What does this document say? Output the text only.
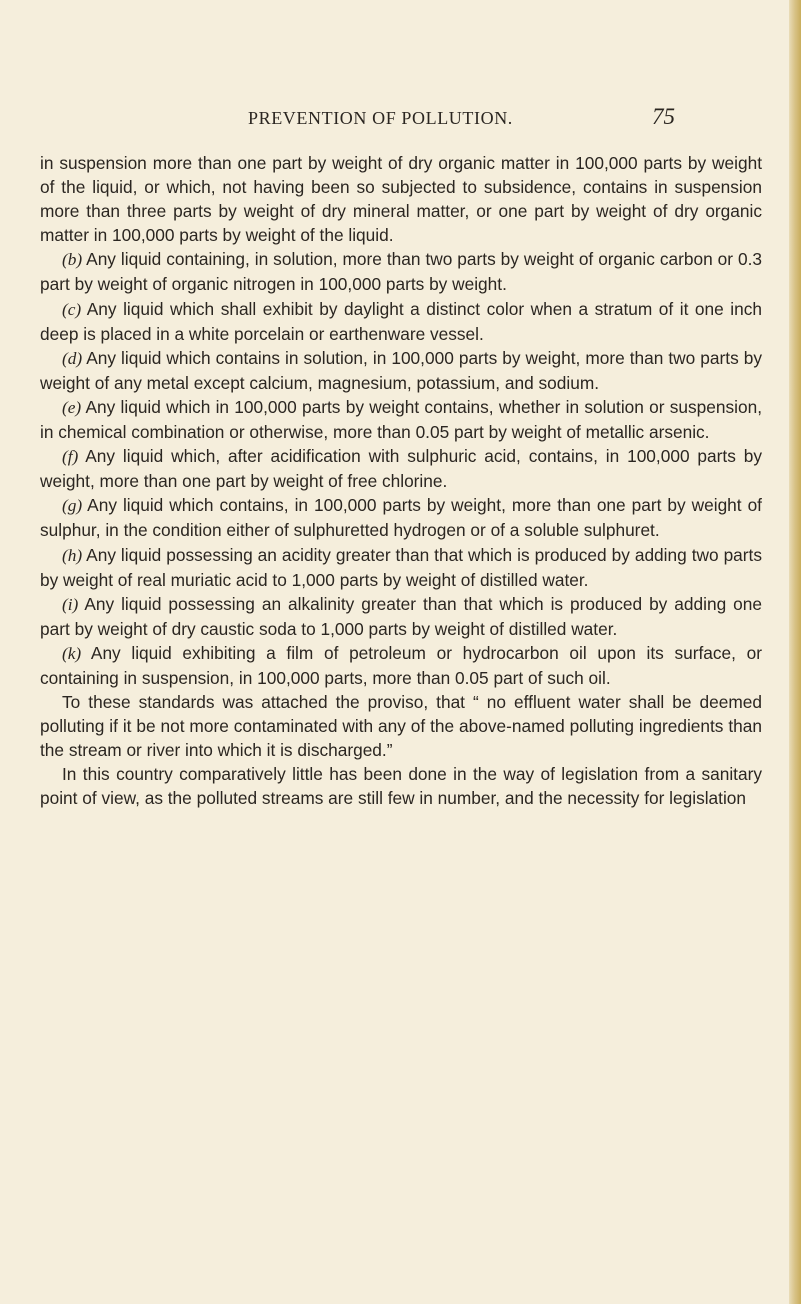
PREVENTION OF POLLUTION.	75

in suspension more than one part by weight of dry organic matter in 100,000 parts by weight of the liquid, or which, not having been so subjected to subsidence, contains in suspension more than three parts by weight of dry mineral matter, or one part by weight of dry organic matter in 100,000 parts by weight of the liquid.

(b) Any liquid containing, in solution, more than two parts by weight of organic carbon or 0.3 part by weight of organic nitrogen in 100,000 parts by weight.

(c) Any liquid which shall exhibit by daylight a distinct color when a stratum of it one inch deep is placed in a white porcelain or earthenware vessel.

(d) Any liquid which contains in solution, in 100,000 parts by weight, more than two parts by weight of any metal except calcium, magnesium, potassium, and sodium.

(e) Any liquid which in 100,000 parts by weight contains, whether in solution or suspension, in chemical combination or otherwise, more than 0.05 part by weight of metallic arsenic.

(f) Any liquid which, after acidification with sulphuric acid, contains, in 100,000 parts by weight, more than one part by weight of free chlorine.

(g) Any liquid which contains, in 100,000 parts by weight, more than one part by weight of sulphur, in the condition either of sulphuretted hydrogen or of a soluble sulphuret.

(h) Any liquid possessing an acidity greater than that which is produced by adding two parts by weight of real muriatic acid to 1,000 parts by weight of distilled water.

(i) Any liquid possessing an alkalinity greater than that which is produced by adding one part by weight of dry caustic soda to 1,000 parts by weight of distilled water.

(k) Any liquid exhibiting a film of petroleum or hydrocarbon oil upon its surface, or containing in suspension, in 100,000 parts, more than 0.05 part of such oil.

To these standards was attached the proviso, that “ no effluent water shall be deemed polluting if it be not more contaminated with any of the above-named polluting ingredients than the stream or river into which it is discharged.”

In this country comparatively little has been done in the way of legislation from a sanitary point of view, as the polluted streams are still few in number, and the necessity for legislation
